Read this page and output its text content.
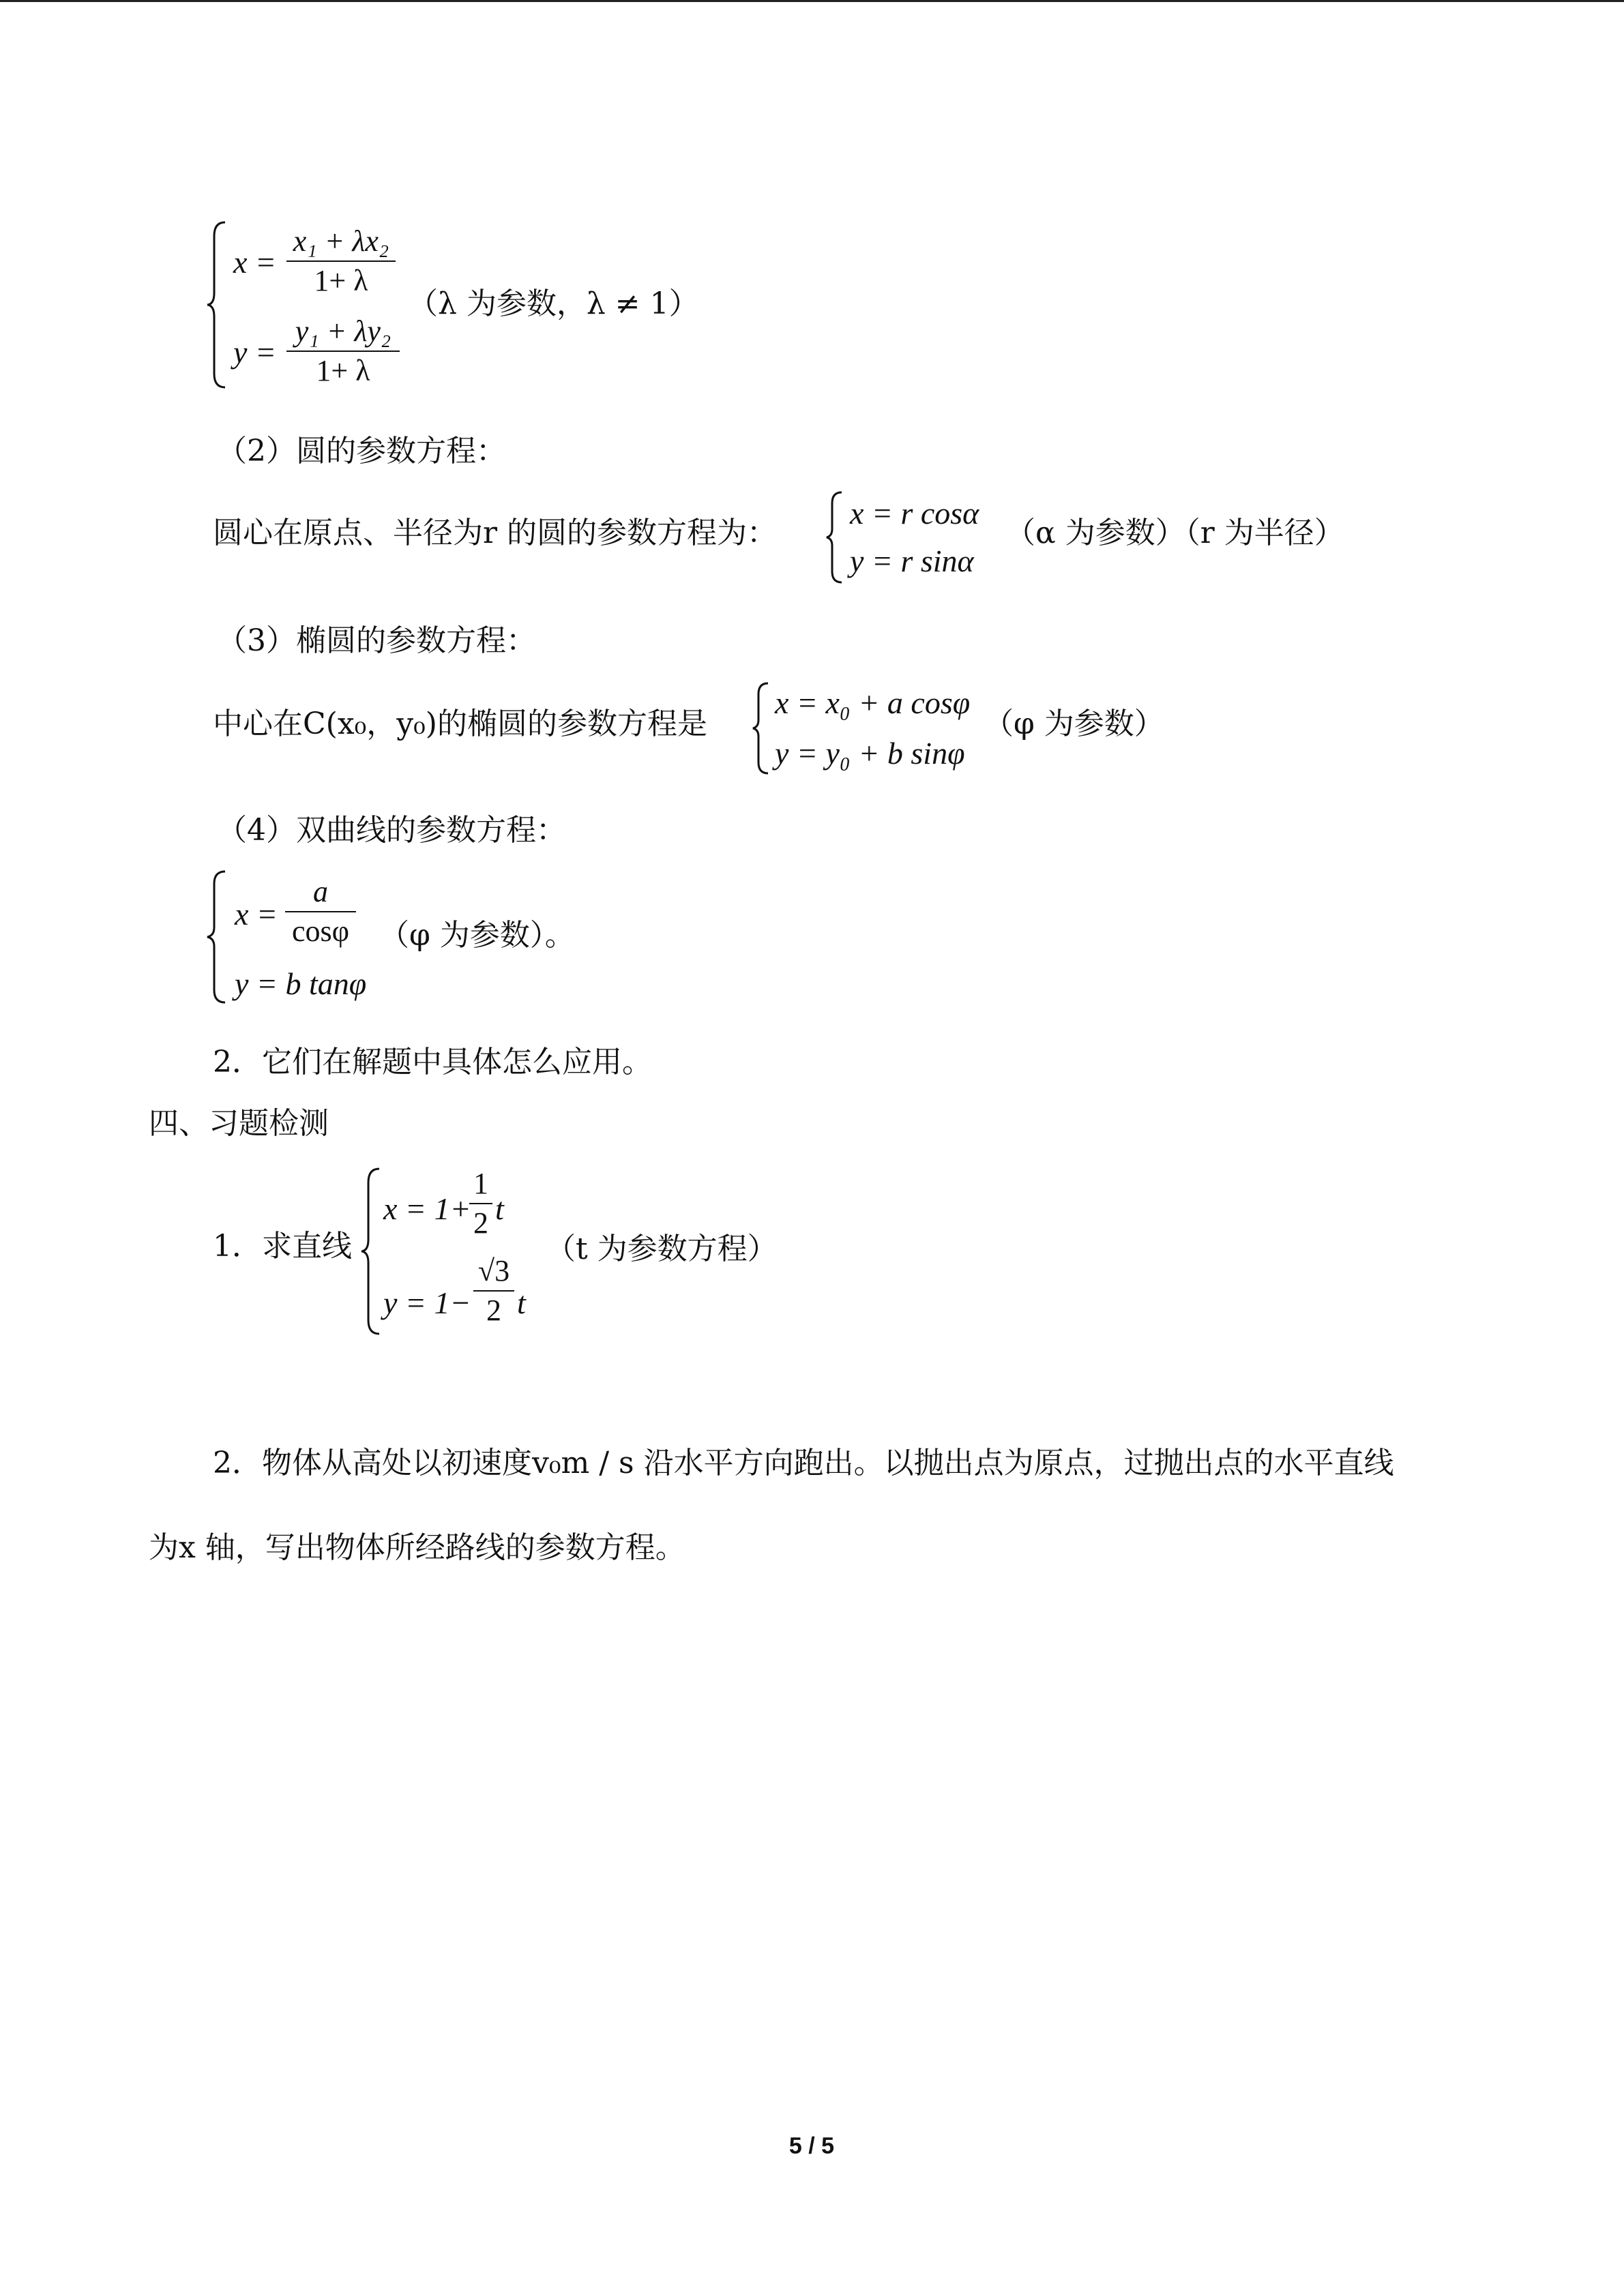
x =
x₁ + λx₂
1+ λ
y =
y₁ + λy₂
1+ λ
（λ 为参数，λ ≠ 1）
（2）圆的参数方程：
圆心在原点、半径为r 的圆的参数方程为：
x = r cosα
y = r sinα
（α 为参数）（r 为半径）
（3）椭圆的参数方程：
中心在C(x₀，y₀)的椭圆的参数方程是
x = x₀ + a cosφ
y = y₀ + b sinφ
（φ 为参数）
（4）双曲线的参数方程：
x =
a
cosφ
y = b tanφ
（φ 为参数）。
2．它们在解题中具体怎么应用。
四、习题检测
1．求直线
x = 1+
1
2 t
y = 1−
√3
2 t
（t 为参数方程）
2．物体从高处以初速度v₀m / s 沿水平方向跑出。以抛出点为原点，过抛出点的水平直线
为x 轴，写出物体所经路线的参数方程。
5 / 5
